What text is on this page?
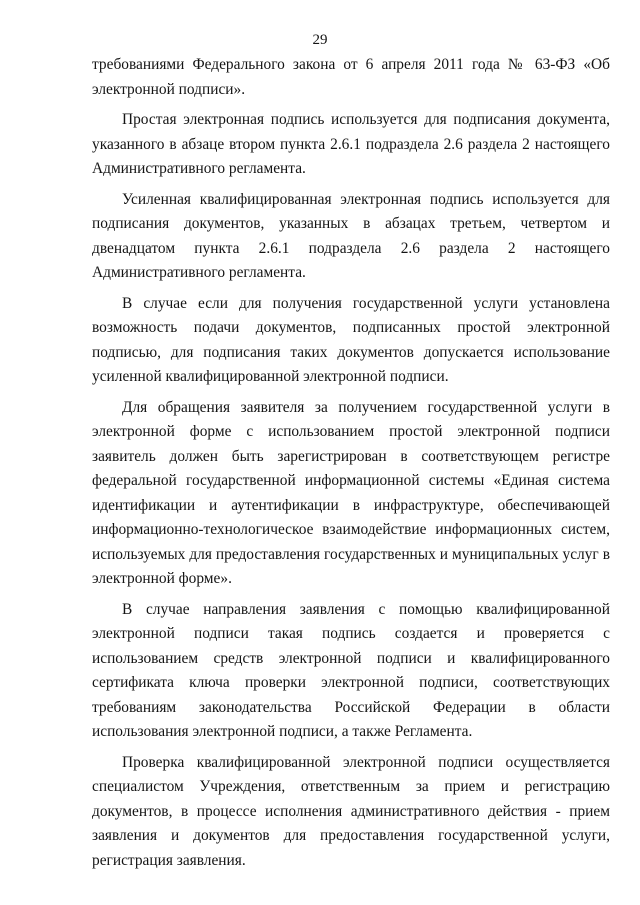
29

требованиями Федерального закона от 6 апреля 2011 года № 63-ФЗ «Об электронной подписи».

Простая электронная подпись используется для подписания документа, указанного в абзаце втором пункта 2.6.1 подраздела 2.6 раздела 2 настоящего Административного регламента.

Усиленная квалифицированная электронная подпись используется для подписания документов, указанных в абзацах третьем, четвертом и двенадцатом пункта 2.6.1 подраздела 2.6 раздела 2 настоящего Административного регламента.

В случае если для получения государственной услуги установлена возможность подачи документов, подписанных простой электронной подписью, для подписания таких документов допускается использование усиленной квалифицированной электронной подписи.

Для обращения заявителя за получением государственной услуги в электронной форме с использованием простой электронной подписи заявитель должен быть зарегистрирован в соответствующем регистре федеральной государственной информационной системы «Единая система идентификации и аутентификации в инфраструктуре, обеспечивающей информационно-технологическое взаимодействие информационных систем, используемых для предоставления государственных и муниципальных услуг в электронной форме».

В случае направления заявления с помощью квалифицированной электронной подписи такая подпись создается и проверяется с использованием средств электронной подписи и квалифицированного сертификата ключа проверки электронной подписи, соответствующих требованиям законодательства Российской Федерации в области использования электронной подписи, а также Регламента.

Проверка квалифицированной электронной подписи осуществляется специалистом Учреждения, ответственным за прием и регистрацию документов, в процессе исполнения административного действия - прием заявления и документов для предоставления государственной услуги, регистрация заявления.
